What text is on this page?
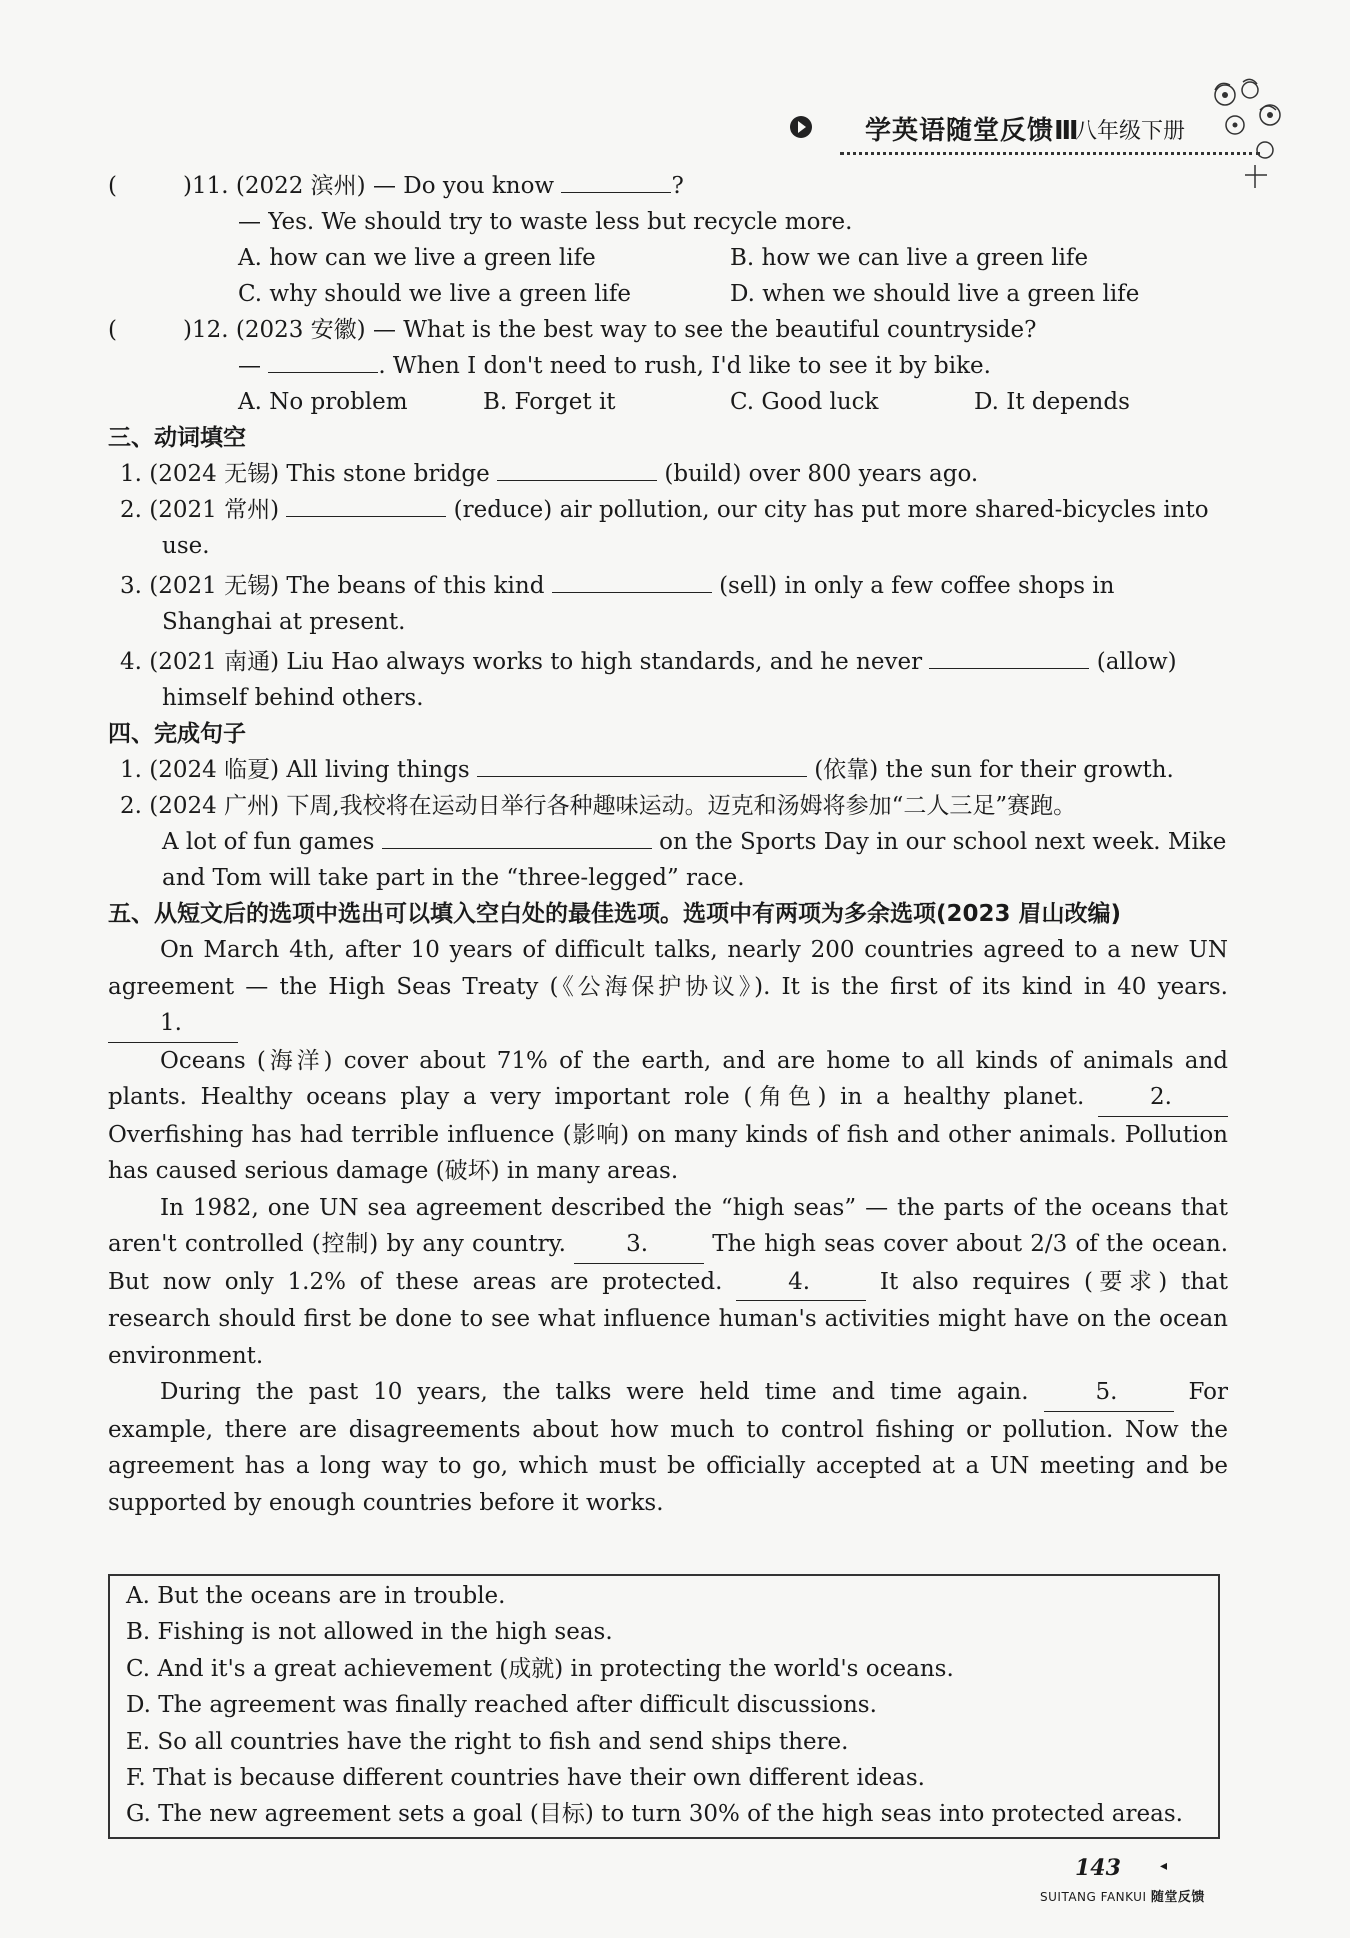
学英语随堂反馈Ⅲ
八年级下册
(	)11. (2022 滨州) — Do you know	?
— Yes. We should try to waste less but recycle more.
A. how can we live a green life	B. how we can live a green life
C. why should we live a green life	D. when we should live a green life
(	)12. (2023 安徽) — What is the best way to see the beautiful countryside?
—	. When I don't need to rush, I'd like to see it by bike.
A. No problem	B. Forget it	C. Good luck	D. It depends
三、动词填空
1. (2024 无锡) This stone bridge	(build) over 800 years ago.
2. (2021 常州)	(reduce) air pollution, our city has put more shared-bicycles into use.
3. (2021 无锡) The beans of this kind	(sell) in only a few coffee shops in Shanghai at present.
4. (2021 南通) Liu Hao always works to high standards, and he never	(allow) himself behind others.
四、完成句子
1. (2024 临夏) All living things	(依靠) the sun for their growth.
2. (2024 广州) 下周,我校将在运动日举行各种趣味运动。迈克和汤姆将参加“二人三足”赛跑。
A lot of fun games	on the Sports Day in our school next week. Mike and Tom will take part in the “three-legged” race.
五、从短文后的选项中选出可以填入空白处的最佳选项。选项中有两项为多余选项(2023 眉山改编)

On March 4th, after 10 years of difficult talks, nearly 200 countries agreed to a new UN agreement — the High Seas Treaty (《公海保护协议》). It is the first of its kind in 40 years. 1.

Oceans (海洋) cover about 71% of the earth, and are home to all kinds of animals and plants. Healthy oceans play a very important role (角色) in a healthy planet.	2. Overfishing has had terrible influence (影响) on many kinds of fish and other animals. Pollution has caused serious damage (破坏) in many areas.

In 1982, one UN sea agreement described the “high seas” — the parts of the oceans that aren't controlled (控制) by any country.	3.	The high seas cover about 2/3 of the ocean. But now only 1.2% of these areas are protected.	4.	It also requires (要求) that research should first be done to see what influence human's activities might have on the ocean environment.

During the past 10 years, the talks were held time and time again.	5.	For example, there are disagreements about how much to control fishing or pollution. Now the agreement has a long way to go, which must be officially accepted at a UN meeting and be supported by enough countries before it works.

A. But the oceans are in trouble.
B. Fishing is not allowed in the high seas.
C. And it's a great achievement (成就) in protecting the world's oceans.
D. The agreement was finally reached after difficult discussions.
E. So all countries have the right to fish and send ships there.
F. That is because different countries have their own different ideas.
G. The new agreement sets a goal (目标) to turn 30% of the high seas into protected areas.
143	◂
SUITANG FANKUI 随堂反馈
